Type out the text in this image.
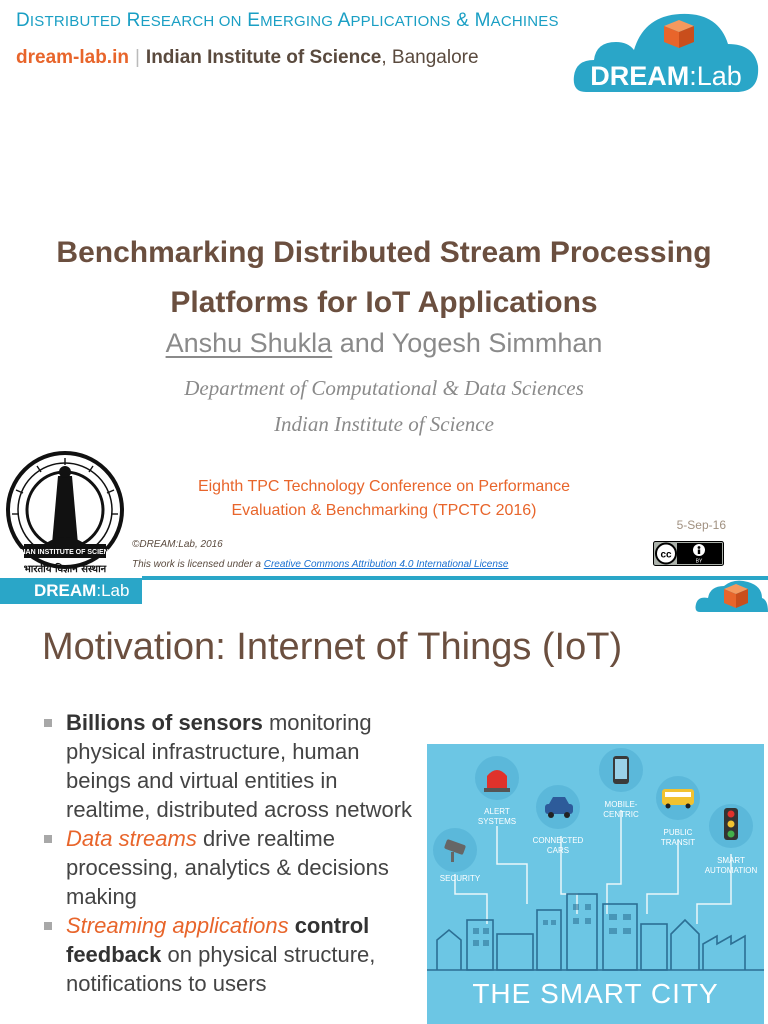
DISTRIBUTED RESEARCH ON EMERGING APPLICATIONS & MACHINES
dream-lab.in | Indian Institute of Science, Bangalore
DREAM:Lab
Benchmarking Distributed Stream Processing
Platforms for IoT Applications
Anshu Shukla and Yogesh Simmhan
Department of Computational & Data Sciences
Indian Institute of Science
INDIAN INSTITUTE OF SCIENCE
भारतीय विज्ञान संस्थान
Eighth TPC Technology Conference on Performance
Evaluation & Benchmarking (TPCTC 2016)
5-Sep-16
©DREAM:Lab, 2016
This work is licensed under a Creative Commons Attribution 4.0 International License
cc
BY
DREAM:Lab
Motivation: Internet of Things (IoT)
Billions of sensors monitoring physical infrastructure, human beings and virtual entities in realtime, distributed across network
Data streams drive realtime processing, analytics & decisions making
Streaming applications control feedback on physical structure, notifications to users
ALERT
SYSTEMS
CONNECTED
CARS
MOBILE-
CENTRIC
PUBLIC
TRANSIT
SECURITY
SMART
AUTOMATION
THE SMART CITY
